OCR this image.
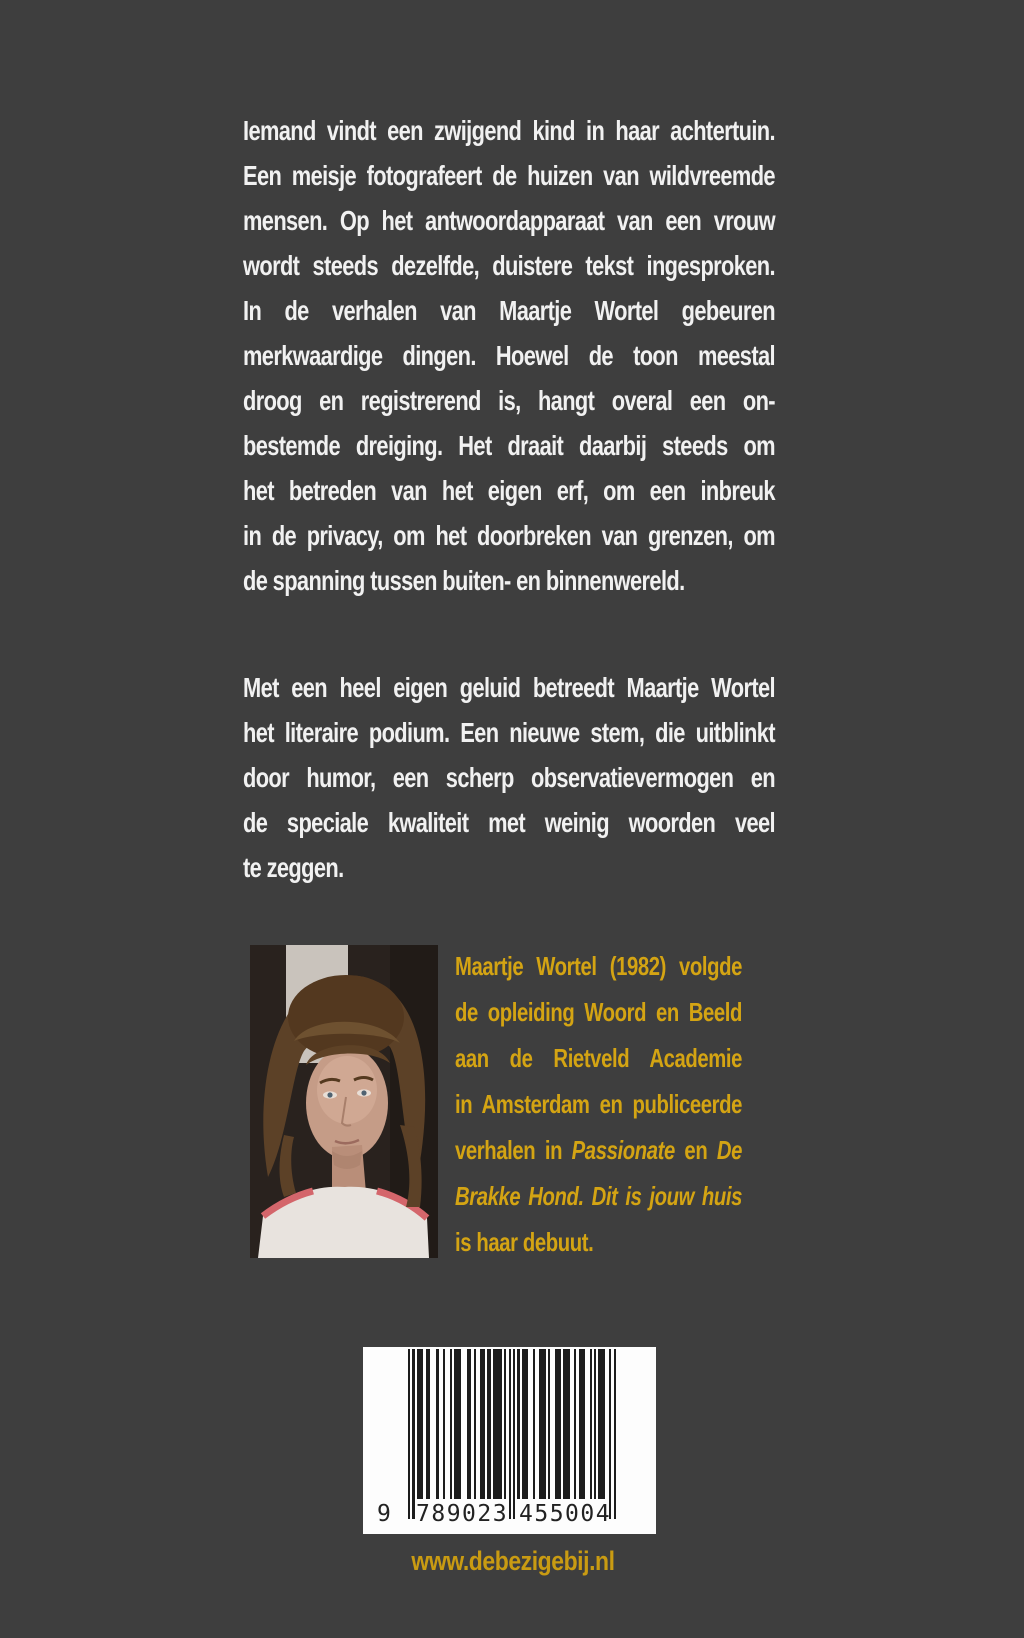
Iemand vindt een zwijgend kind in haar achtertuin.
Een meisje fotografeert de huizen van wildvreemde
mensen. Op het antwoordapparaat van een vrouw
wordt steeds dezelfde, duistere tekst ingesproken.
In de verhalen van Maartje Wortel gebeuren
merkwaardige dingen. Hoewel de toon meestal
droog en registrerend is, hangt overal een on-
bestemde dreiging. Het draait daarbij steeds om
het betreden van het eigen erf, om een inbreuk
in de privacy, om het doorbreken van grenzen, om
de spanning tussen buiten- en binnenwereld.
Met een heel eigen geluid betreedt Maartje Wortel
het literaire podium. Een nieuwe stem, die uitblinkt
door humor, een scherp observatievermogen en
de speciale kwaliteit met weinig woorden veel
te zeggen.
Maartje Wortel (1982) volgde
de opleiding Woord en Beeld
aan de Rietveld Academie
in Amsterdam en publiceerde
verhalen in Passionate en De
Brakke Hond. Dit is jouw huis
is haar debuut.
9 789023 455004
www.debezigebij.nl
